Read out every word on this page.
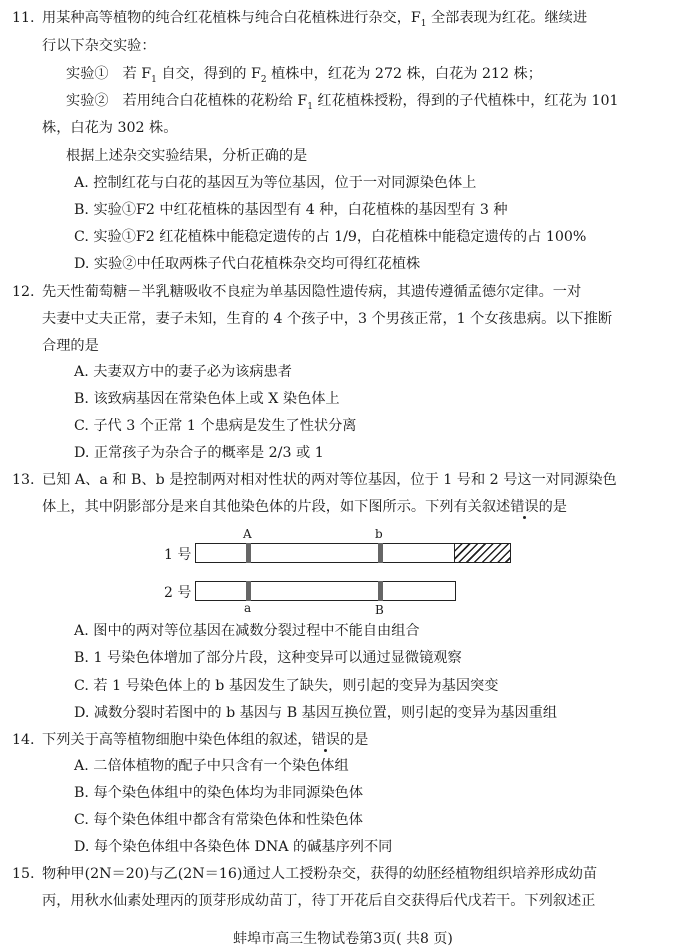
11. 用某种高等植物的纯合红花植株与纯合白花植株进行杂交，$F_1$ 全部表现为红花。继续进
行以下杂交实验：
实验① 若 $F_1$ 自交，得到的 $F_2$ 植株中，红花为 272 株，白花为 212 株；
实验② 若用纯合白花植株的花粉给 $F_1$ 红花植株授粉，得到的子代植株中，红花为 101
株，白花为 302 株。
根据上述杂交实验结果，分析正确的是
A. 控制红花与白花的基因互为等位基因，位于一对同源染色体上
B. 实验①F2 中红花植株的基因型有 4 种，白花植株的基因型有 3 种
C. 实验①F2 红花植株中能稳定遗传的占 1/9，白花植株中能稳定遗传的占 100%
D. 实验②中任取两株子代白花植株杂交均可得红花植株
12. 先天性葡萄糖－半乳糖吸收不良症为单基因隐性遗传病，其遗传遵循孟德尔定律。一对
夫妻中丈夫正常，妻子未知，生育的 4 个孩子中，3 个男孩正常，1 个女孩患病。以下推断
合理的是
A. 夫妻双方中的妻子必为该病患者
B. 该致病基因在常染色体上或 X 染色体上
C. 子代 3 个正常 1 个患病是发生了性状分离
D. 正常孩子为杂合子的概率是 2/3 或 1
13. 已知 A、a 和 B、b 是控制两对相对性状的两对等位基因，位于 1 号和 2 号这一对同源染色
体上，其中阴影部分是来自其他染色体的片段，如下图所示。下列有关叙述错误的是
1 号
A	b
2 号
a	B
A. 图中的两对等位基因在减数分裂过程中不能自由组合
B. 1 号染色体增加了部分片段，这种变异可以通过显微镜观察
C. 若 1 号染色体上的 b 基因发生了缺失，则引起的变异为基因突变
D. 减数分裂时若图中的 b 基因与 B 基因互换位置，则引起的变异为基因重组
14. 下列关于高等植物细胞中染色体组的叙述，错误的是
A. 二倍体植物的配子中只含有一个染色体组
B. 每个染色体组中的染色体均为非同源染色体
C. 每个染色体组中都含有常染色体和性染色体
D. 每个染色体组中各染色体 DNA 的碱基序列不同
15. 物种甲(2N＝20)与乙(2N＝16)通过人工授粉杂交，获得的幼胚经植物组织培养形成幼苗
丙，用秋水仙素处理丙的顶芽形成幼苗丁，待丁开花后自交获得后代戊若干。下列叙述正
蚌埠市高三生物试卷第3页( 共8 页)
